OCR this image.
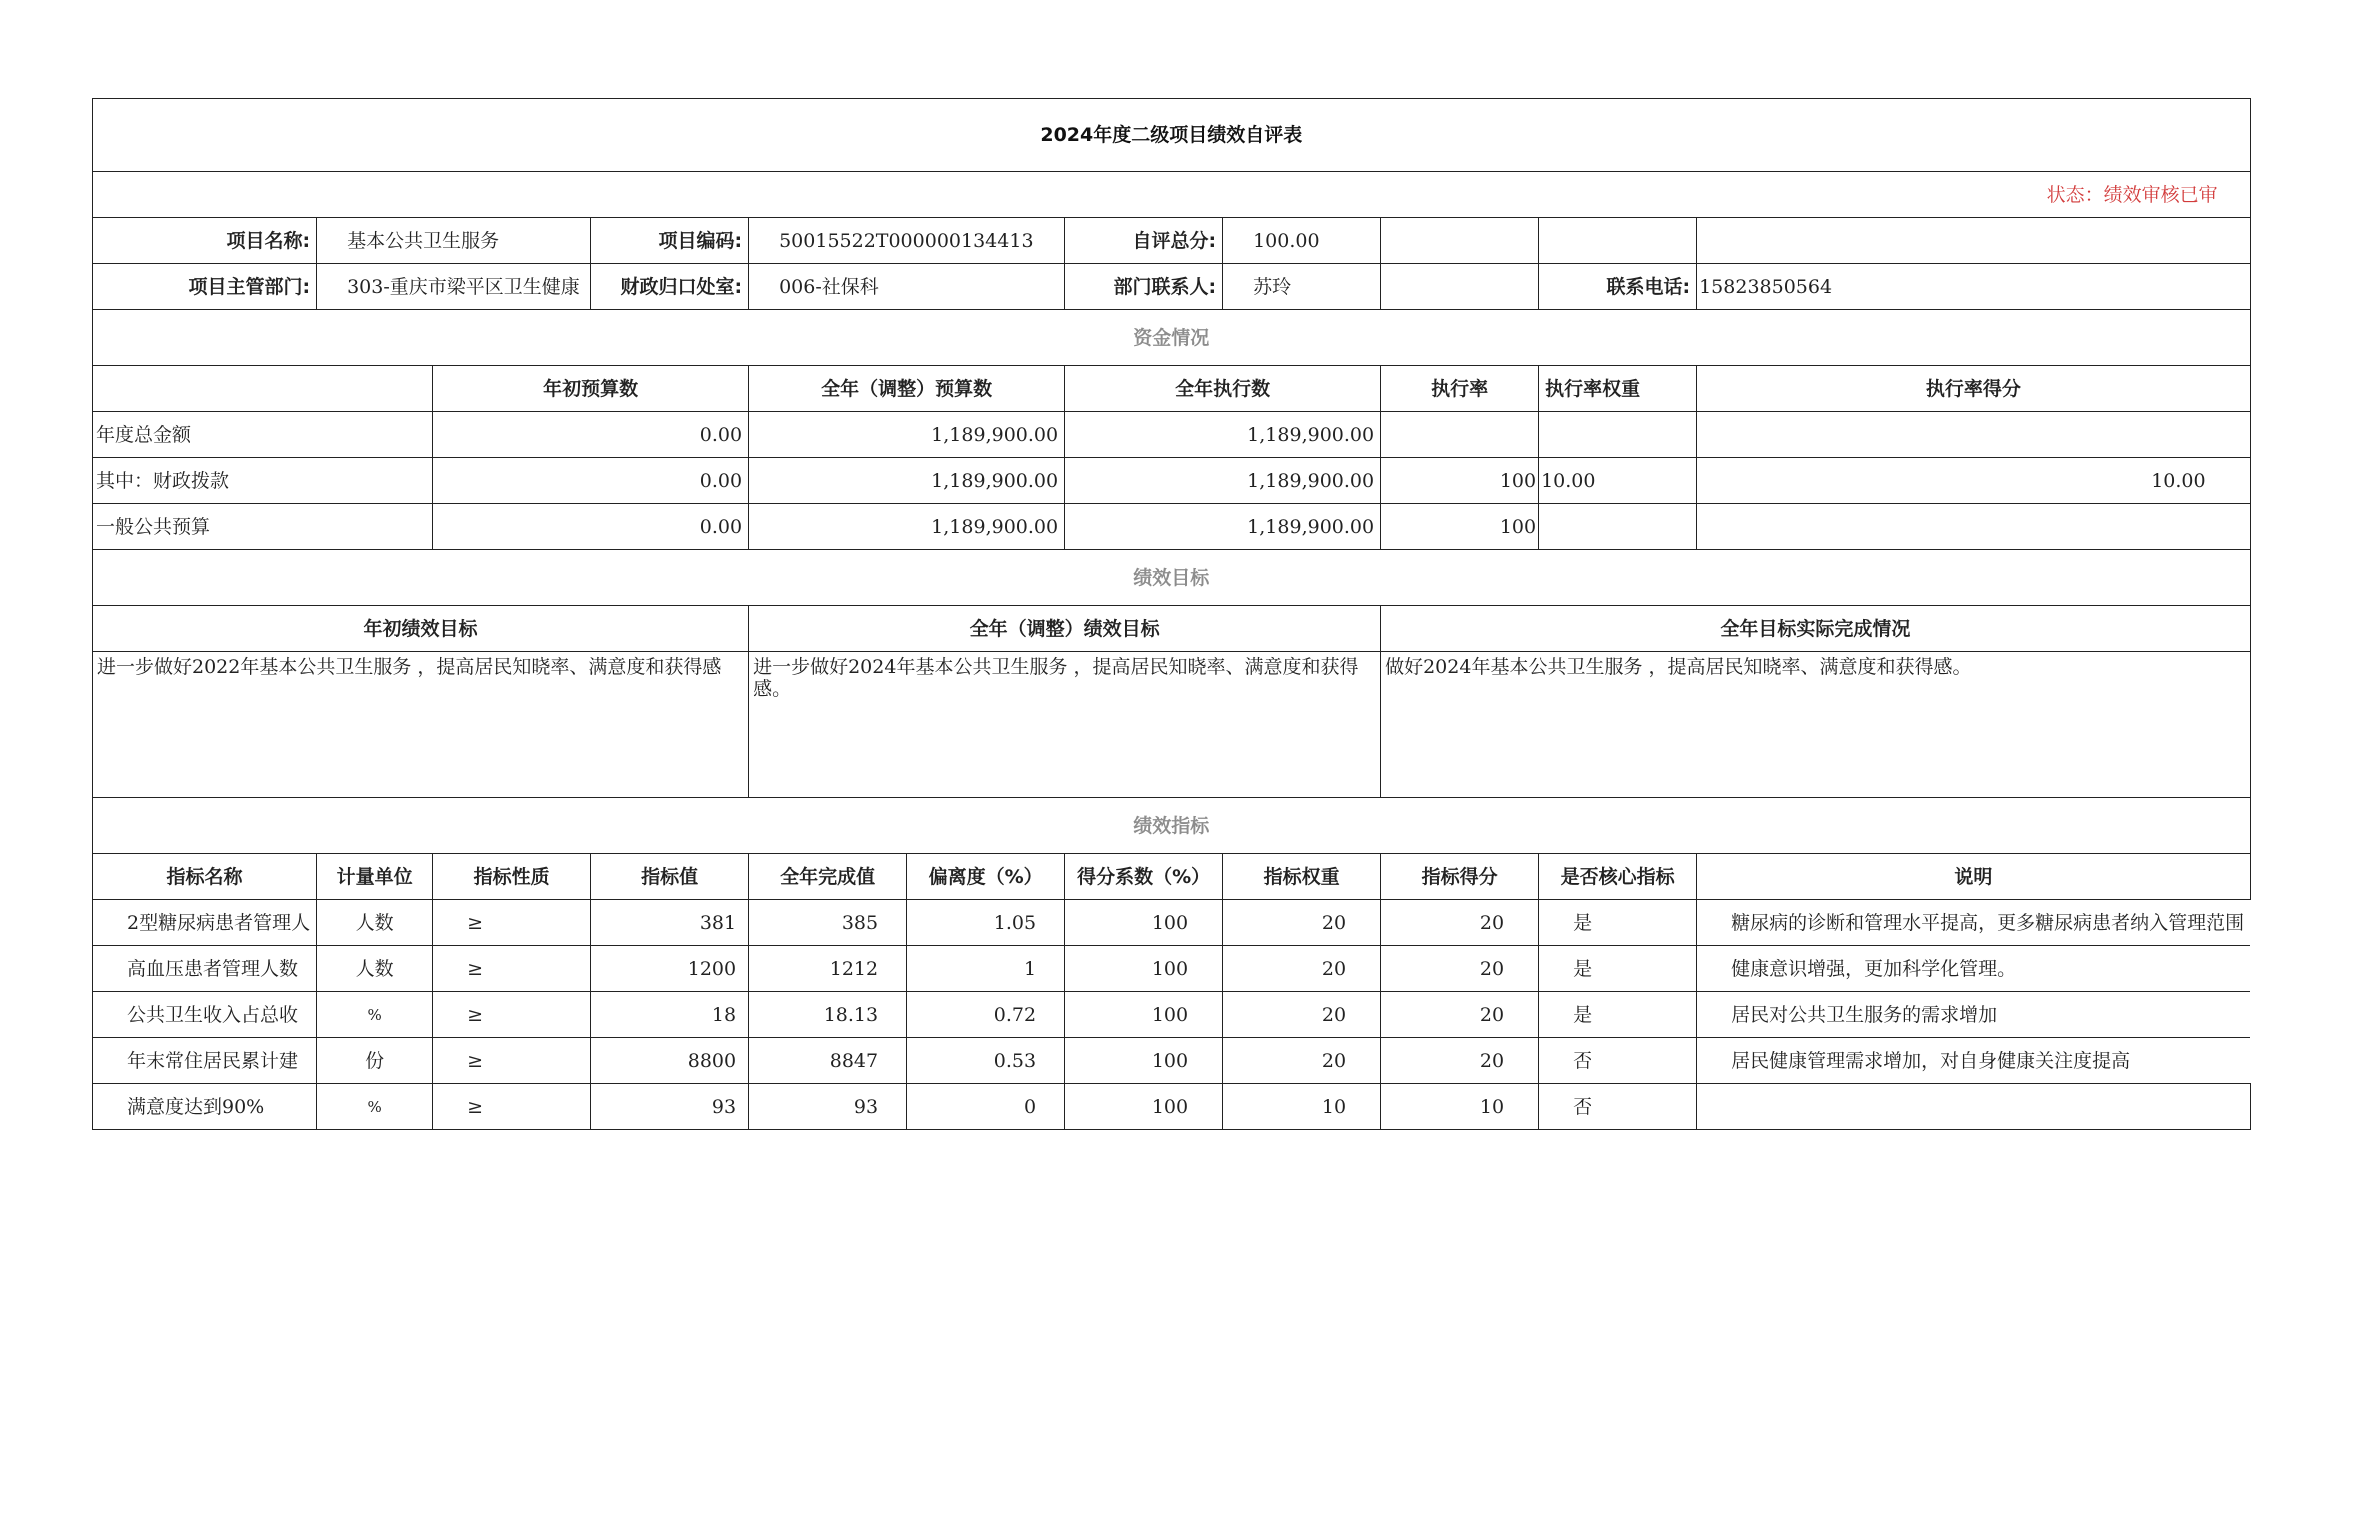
2024年度二级项目绩效自评表										
状态：绩效审核已审										
项目名称:	基本公共卫生服务		项目编码:	50015522T000000134413		自评总分:	100.00			
项目主管部门:	303-重庆市梁平区卫生健康		财政归口处室:	006-社保科		部门联系人:	苏玲		联系电话:	15823850564
资金情况										
		年初预算数		全年（调整）预算数		全年执行数		执行率	执行率权重	执行率得分
年度总金额		0.00		1,189,900.00		1,189,900.00				
其中：财政拨款		0.00		1,189,900.00		1,189,900.00		100	10.00	10.00
一般公共预算		0.00		1,189,900.00		1,189,900.00		100		
绩效目标										
年初绩效目标				全年（调整）绩效目标				全年目标实际完成情况		
进一步做好2022年基本公共卫生服务 ，提高居民知晓率、满意度和获得感				进一步做好2024年基本公共卫生服务 ，提高居民知晓率、满意度和获得感。				做好2024年基本公共卫生服务 ，提高居民知晓率、满意度和获得感。		
绩效指标										
指标名称	计量单位	指标性质	指标值	全年完成值	偏离度（%）	得分系数（%）	指标权重	指标得分	是否核心指标	说明
2型糖尿病患者管理人	人数	≥	381	385	1.05	100	20	20	是	糖尿病的诊断和管理水平提高，更多糖尿病患者纳入管理范围
高血压患者管理人数	人数	≥	1200	1212	1	100	20	20	是	健康意识增强，更加科学化管理。
公共卫生收入占总收	%	≥	18	18.13	0.72	100	20	20	是	居民对公共卫生服务的需求增加
年末常住居民累计建	份	≥	8800	8847	0.53	100	20	20	否	居民健康管理需求增加，对自身健康关注度提高
满意度达到90%	%	≥	93	93	0	100	10	10	否	
